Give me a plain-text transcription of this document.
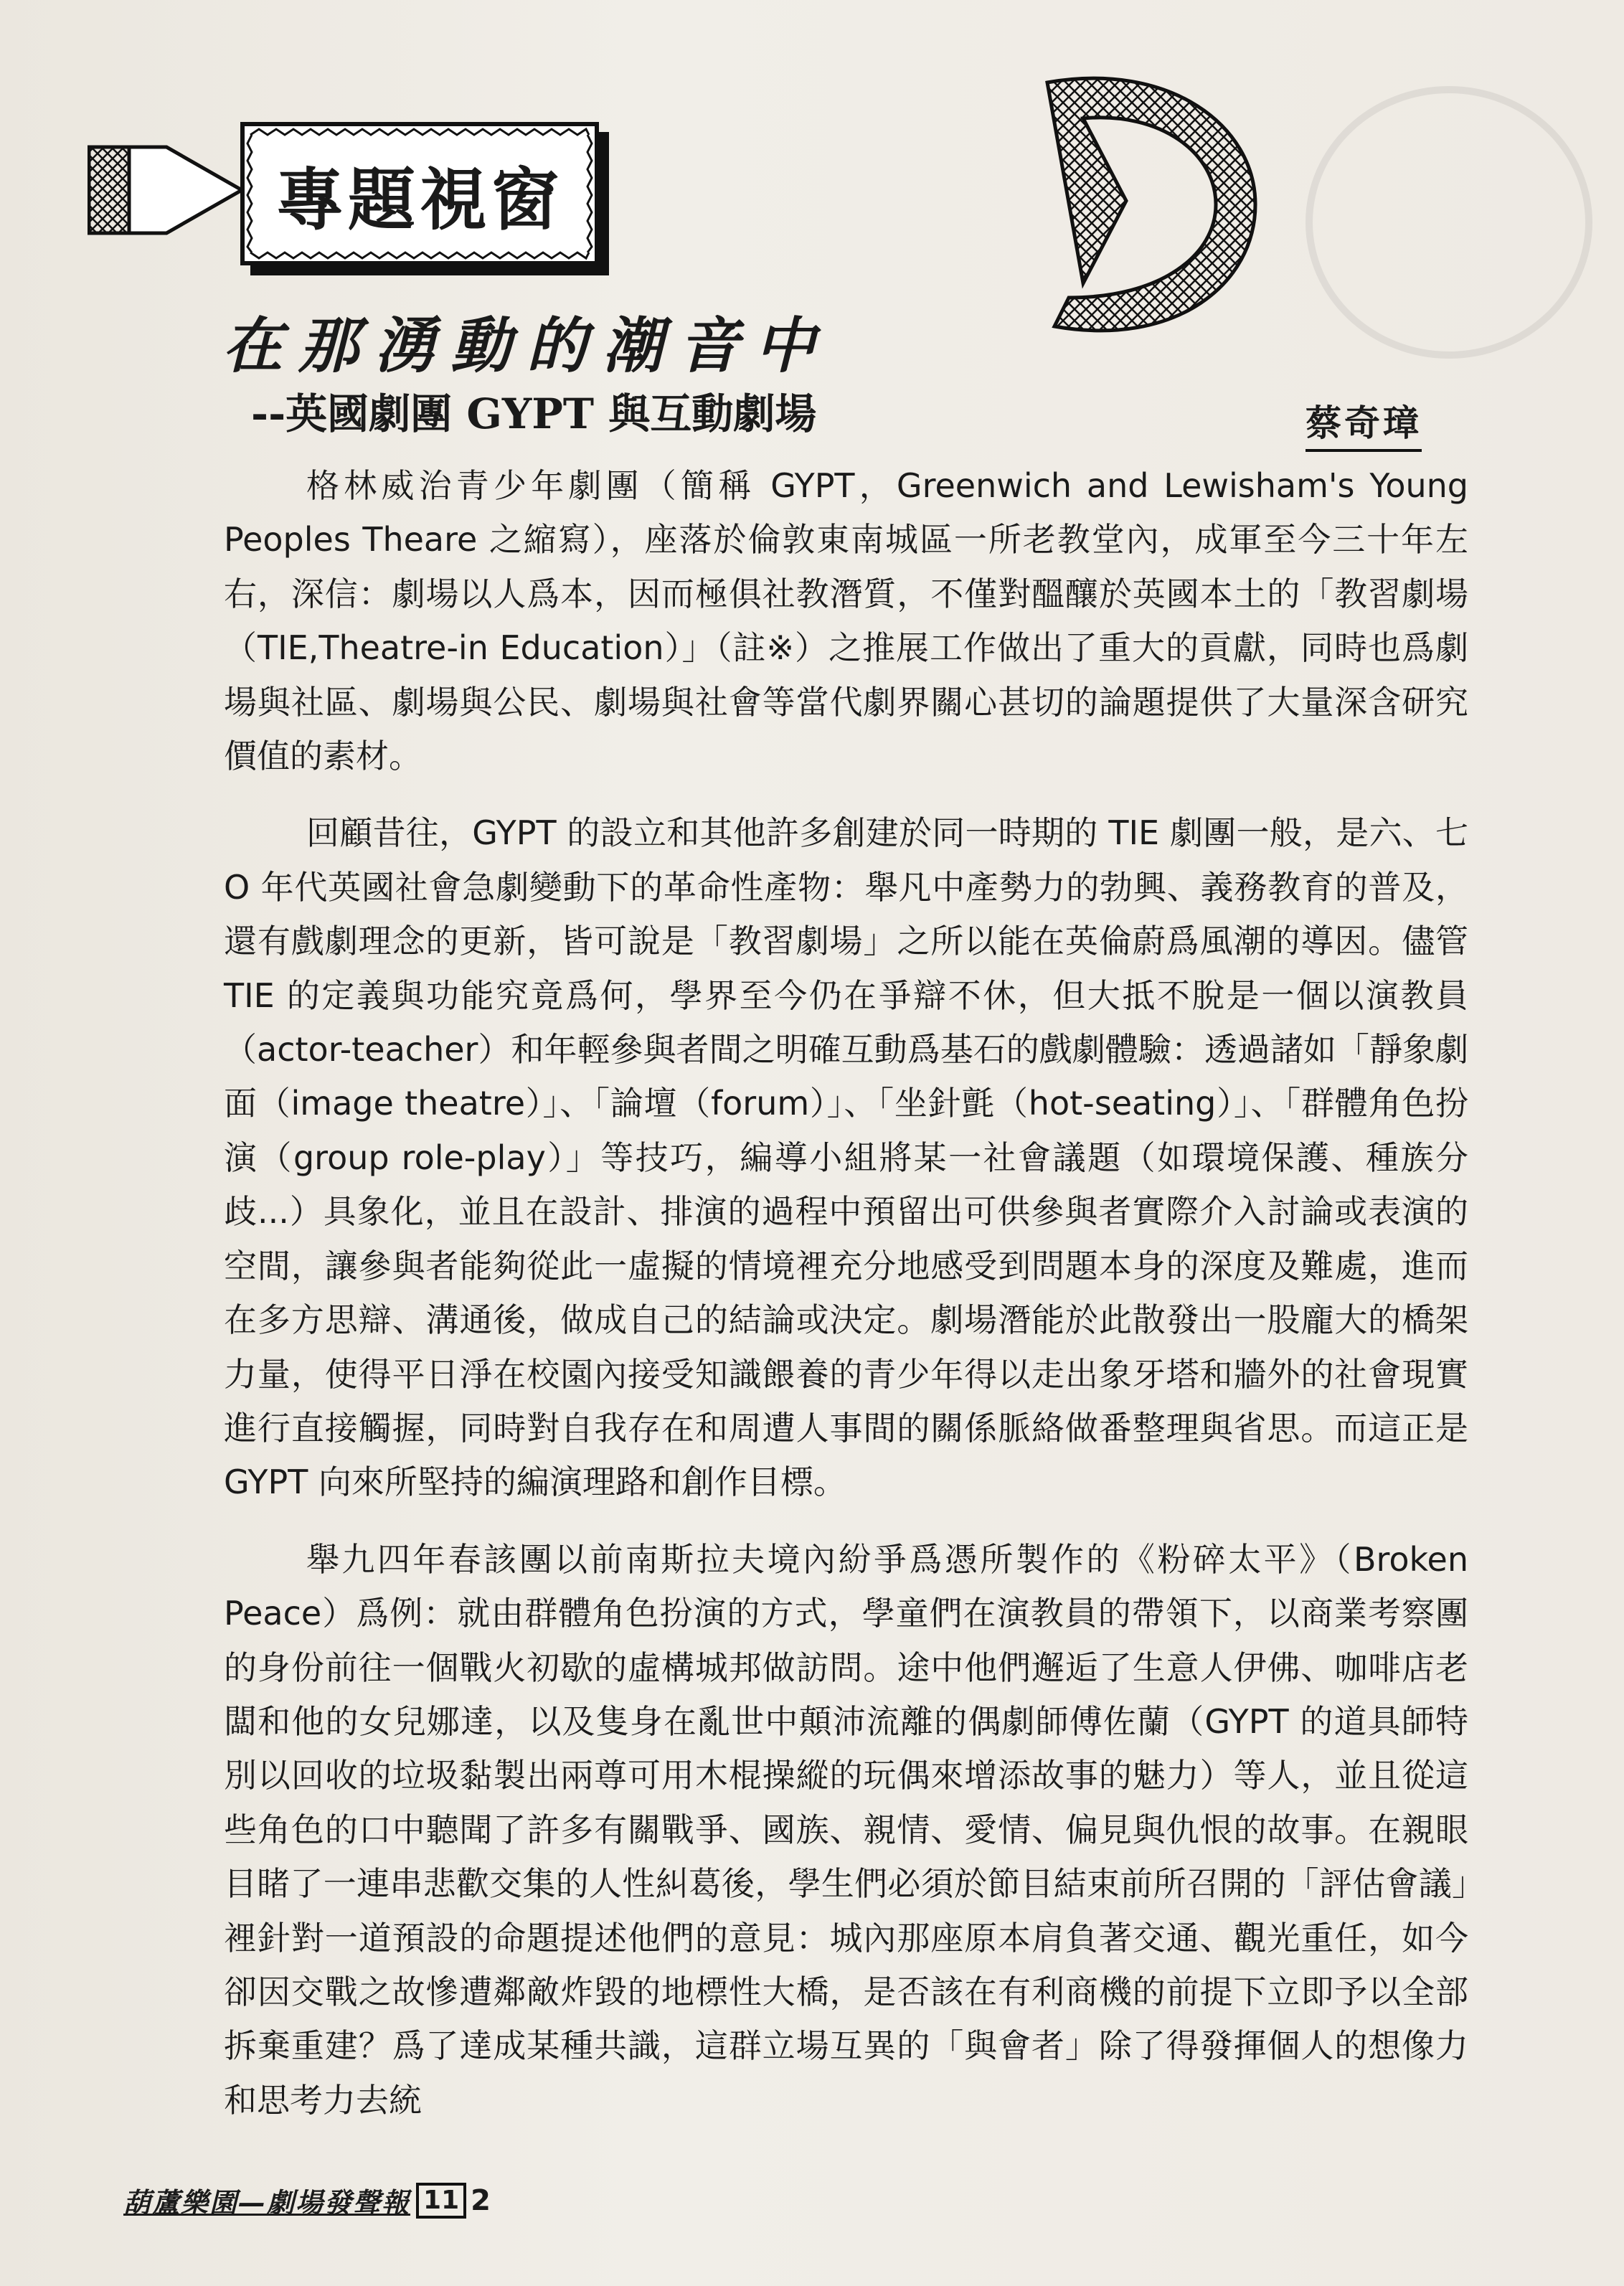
專題視窗
在那湧動的潮音中
--英國劇團 GYPT 與互動劇場	蔡奇璋

格林威治青少年劇團（簡稱 GYPT，Greenwich and Lewisham's Young Peoples Theare 之縮寫），座落於倫敦東南城區一所老教堂內，成軍至今三十年左右，深信：劇場以人爲本，因而極俱社教潛質，不僅對醞釀於英國本土的「教習劇場（TIE,Theatre-in Education）」（註※）之推展工作做出了重大的貢獻，同時也爲劇場與社區、劇場與公民、劇場與社會等當代劇界關心甚切的論題提供了大量深含研究價值的素材。

回顧昔往，GYPT 的設立和其他許多創建於同一時期的 TIE 劇團一般，是六、七 O 年代英國社會急劇變動下的革命性產物：舉凡中產勢力的勃興、義務教育的普及，還有戲劇理念的更新，皆可說是「教習劇場」之所以能在英倫蔚爲風潮的導因。儘管 TIE 的定義與功能究竟爲何，學界至今仍在爭辯不休，但大抵不脫是一個以演教員（actor-teacher）和年輕參與者間之明確互動爲基石的戲劇體驗：透過諸如「靜象劇面（image theatre）」、「論壇（forum）」、「坐針氈（hot-seating）」、「群體角色扮演（group role-play）」等技巧，編導小組將某一社會議題（如環境保護、種族分歧...）具象化，並且在設計、排演的過程中預留出可供參與者實際介入討論或表演的空間，讓參與者能夠從此一虛擬的情境裡充分地感受到問題本身的深度及難處，進而在多方思辯、溝通後，做成自己的結論或決定。劇場潛能於此散發出一股龐大的橋架力量，使得平日淨在校園內接受知識餵養的青少年得以走出象牙塔和牆外的社會現實進行直接觸握，同時對自我存在和周遭人事間的關係脈絡做番整理與省思。而這正是 GYPT 向來所堅持的編演理路和創作目標。

舉九四年春該團以前南斯拉夫境內紛爭爲憑所製作的《粉碎太平》（Broken Peace）爲例：就由群體角色扮演的方式，學童們在演教員的帶領下，以商業考察團的身份前往一個戰火初歇的虛構城邦做訪問。途中他們邂逅了生意人伊佛、咖啡店老闆和他的女兒娜達，以及隻身在亂世中顛沛流離的偶劇師傅佐蘭（GYPT 的道具師特別以回收的垃圾黏製出兩尊可用木棍操縱的玩偶來增添故事的魅力）等人，並且從這些角色的口中聽聞了許多有關戰爭、國族、親情、愛情、偏見與仇恨的故事。在親眼目睹了一連串悲歡交集的人性糾葛後，學生們必須於節目結束前所召開的「評估會議」裡針對一道預設的命題提述他們的意見：城內那座原本肩負著交通、觀光重任，如今卻因交戰之故慘遭鄰敵炸毀的地標性大橋，是否該在有利商機的前提下立即予以全部拆棄重建？爲了達成某種共識，這群立場互異的「與會者」除了得發揮個人的想像力和思考力去統

葫蘆樂園—劇場發聲報 11 2
